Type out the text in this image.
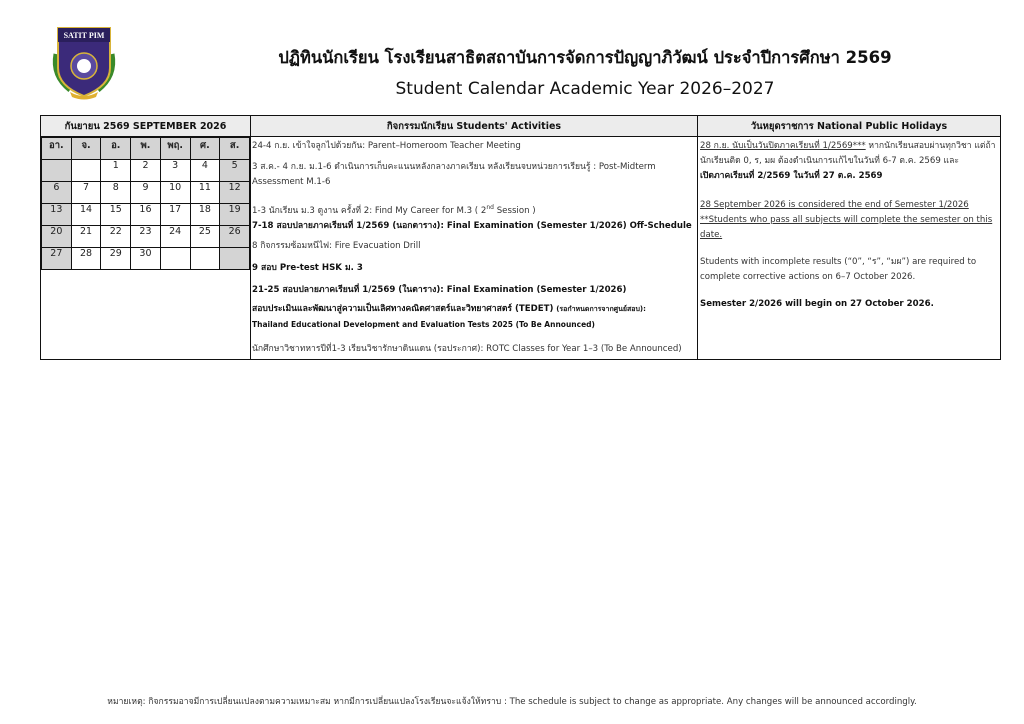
SATIT PIM
ปฏิทินนักเรียน โรงเรียนสาธิตสถาบันการจัดการปัญญาภิวัฒน์ ประจำปีการศึกษา 2569
Student Calendar Academic Year 2026–2027
กันยายน 2569 SEPTEMBER 2026	กิจกรรมนักเรียน Students' Activities	วันหยุดราชการ National Public Holidays

อา.	จ.	อ.	พ.	พฤ.	ศ.	ส.
		1	2	3	4	5
6	7	8	9	10	11	12
13	14	15	16	17	18	19
20	21	22	23	24	25	26
27	28	29	30			

24-4 ก.ย. เข้าใจลูกไปด้วยกัน: Parent–Homeroom Teacher Meeting
3 ส.ค.- 4 ก.ย. ม.1-6 ดำเนินการเก็บคะแนนหลังกลางภาคเรียน หลังเรียนจบหน่วยการเรียนรู้ : Post-Midterm Assessment M.1-6
1-3 นักเรียน ม.3 ดูงาน ครั้งที่ 2: Find My Career for M.3 ( 2nd Session )
7-18 สอบปลายภาคเรียนที่ 1/2569 (นอกตาราง): Final Examination (Semester 1/2026) Off-Schedule
8 กิจกรรมซ้อมหนีไฟ: Fire Evacuation Drill
9 สอบ Pre-test HSK ม. 3
21-25 สอบปลายภาคเรียนที่ 1/2569 (ในตาราง): Final Examination (Semester 1/2026)
สอบประเมินและพัฒนาสู่ความเป็นเลิศทางคณิตศาสตร์และวิทยาศาสตร์ (TEDET) (รอกำหนดการจากศูนย์สอบ):
Thailand Educational Development and Evaluation Tests 2025 (To Be Announced)
นักศึกษาวิชาทหารปีที่1-3 เรียนวิชารักษาดินแดน (รอประกาศ): ROTC Classes for Year 1–3 (To Be Announced)

28 ก.ย. นับเป็นวันปิดภาคเรียนที่ 1/2569*** หากนักเรียนสอบผ่านทุกวิชา แต่ถ้านักเรียนติด 0, ร, มผ ต้องดำเนินการแก้ไขในวันที่ 6-7 ต.ค. 2569 และ
เปิดภาคเรียนที่ 2/2569 ในวันที่ 27 ต.ค. 2569
28 September 2026 is considered the end of Semester 1/2026 **Students who pass all subjects will complete the semester on this date.
Students with incomplete results (“0”, “ร”, “มผ”) are required to complete corrective actions on 6–7 October 2026.
Semester 2/2026 will begin on 27 October 2026.
หมายเหตุ: กิจกรรมอาจมีการเปลี่ยนแปลงตามความเหมาะสม หากมีการเปลี่ยนแปลงโรงเรียนจะแจ้งให้ทราบ : The schedule is subject to change as appropriate. Any changes will be announced accordingly.
